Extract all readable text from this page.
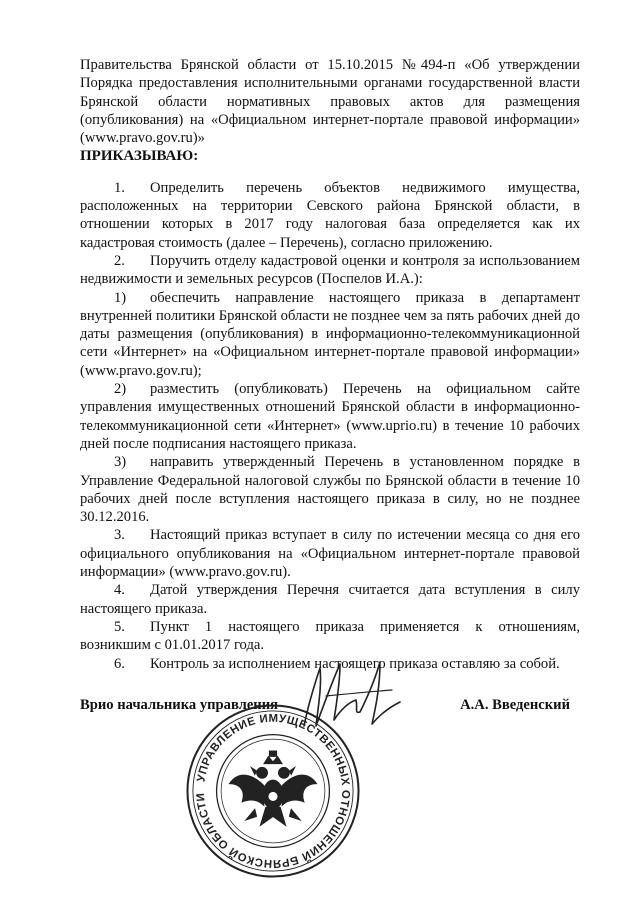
Правительства Брянской области от 15.10.2015 №494-п «Об утверждении Порядка предоставления исполнительными органами государственной власти Брянской области нормативных правовых актов для размещения (опубликования) на «Официальном интернет-портале правовой информации» (www.pravo.gov.ru)»

ПРИКАЗЫВАЮ:

1. Определить перечень объектов недвижимого имущества, расположенных на территории Севского района Брянской области, в отношении которых в 2017 году налоговая база определяется как их кадастровая стоимость (далее – Перечень), согласно приложению.

2. Поручить отделу кадастровой оценки и контроля за использованием недвижимости и земельных ресурсов (Поспелов И.А.):

1) обеспечить направление настоящего приказа в департамент внутренней политики Брянской области не позднее чем за пять рабочих дней до даты размещения (опубликования) в информационно-телекоммуникационной сети «Интернет» на «Официальном интернет-портале правовой информации» (www.pravo.gov.ru);

2) разместить (опубликовать) Перечень на официальном сайте управления имущественных отношений Брянской области в информационно-телекоммуникационной сети «Интернет» (www.uprio.ru) в течение 10 рабочих дней после подписания настоящего приказа.

3) направить утвержденный Перечень в установленном порядке в Управление Федеральной налоговой службы по Брянской области в течение 10 рабочих дней после вступления настоящего приказа в силу, но не позднее 30.12.2016.

3. Настоящий приказ вступает в силу по истечении месяца со дня его официального опубликования на «Официальном интернет-портале правовой информации» (www.pravo.gov.ru).

4. Датой утверждения Перечня считается дата вступления в силу настоящего приказа.

5. Пункт 1 настоящего приказа применяется к отношениям, возникшим с 01.01.2017 года.

6. Контроль за исполнением настоящего приказа оставляю за собой.

Врио начальника управления	А.А. Введенский
УПРАВЛЕНИЕ ИМУЩЕСТВЕННЫХ ОТНОШЕНИЙ БРЯНСКОЙ ОБЛАСТИ
